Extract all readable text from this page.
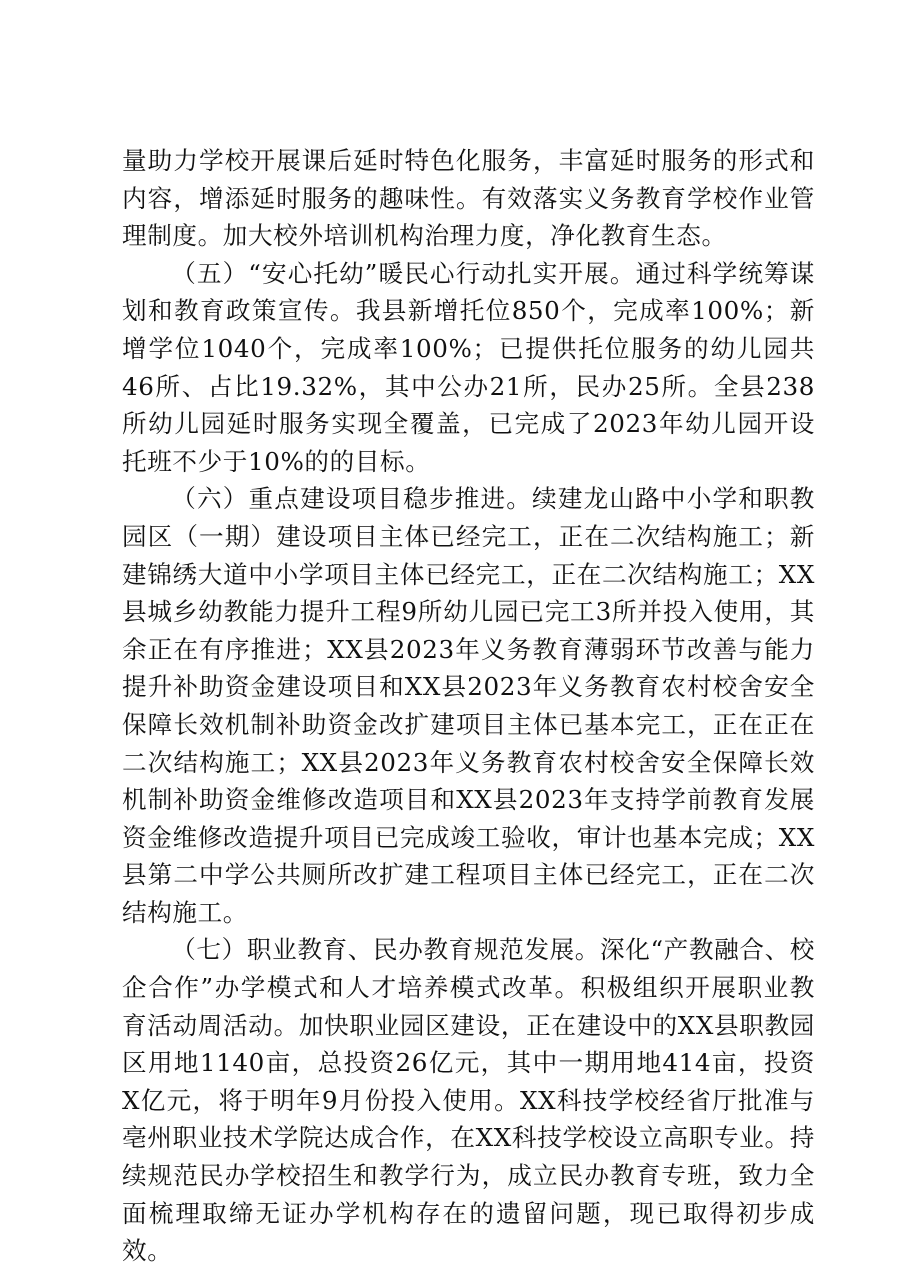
量助力学校开展课后延时特色化服务，丰富延时服务的形式和内容，增添延时服务的趣味性。有效落实义务教育学校作业管理制度。加大校外培训机构治理力度，净化教育生态。

（五）“安心托幼”暖民心行动扎实开展。通过科学统筹谋划和教育政策宣传。我县新增托位850个，完成率100%；新增学位1040个，完成率100%；已提供托位服务的幼儿园共46所、占比19.32%，其中公办21所，民办25所。全县238所幼儿园延时服务实现全覆盖，已完成了2023年幼儿园开设托班不少于10%的的目标。

（六）重点建设项目稳步推进。续建龙山路中小学和职教园区（一期）建设项目主体已经完工，正在二次结构施工；新建锦绣大道中小学项目主体已经完工，正在二次结构施工；XX县城乡幼教能力提升工程9所幼儿园已完工3所并投入使用，其余正在有序推进；XX县2023年义务教育薄弱环节改善与能力提升补助资金建设项目和XX县2023年义务教育农村校舍安全保障长效机制补助资金改扩建项目主体已基本完工，正在正在二次结构施工；XX县2023年义务教育农村校舍安全保障长效机制补助资金维修改造项目和XX县2023年支持学前教育发展资金维修改造提升项目已完成竣工验收，审计也基本完成；XX县第二中学公共厕所改扩建工程项目主体已经完工，正在二次结构施工。

（七）职业教育、民办教育规范发展。深化“产教融合、校企合作”办学模式和人才培养模式改革。积极组织开展职业教育活动周活动。加快职业园区建设，正在建设中的XX县职教园区用地1140亩，总投资26亿元，其中一期用地414亩，投资X亿元，将于明年9月份投入使用。XX科技学校经省厅批准与亳州职业技术学院达成合作，在XX科技学校设立高职专业。持续规范民办学校招生和教学行为，成立民办教育专班，致力全面梳理取缔无证办学机构存在的遗留问题，现已取得初步成效。
